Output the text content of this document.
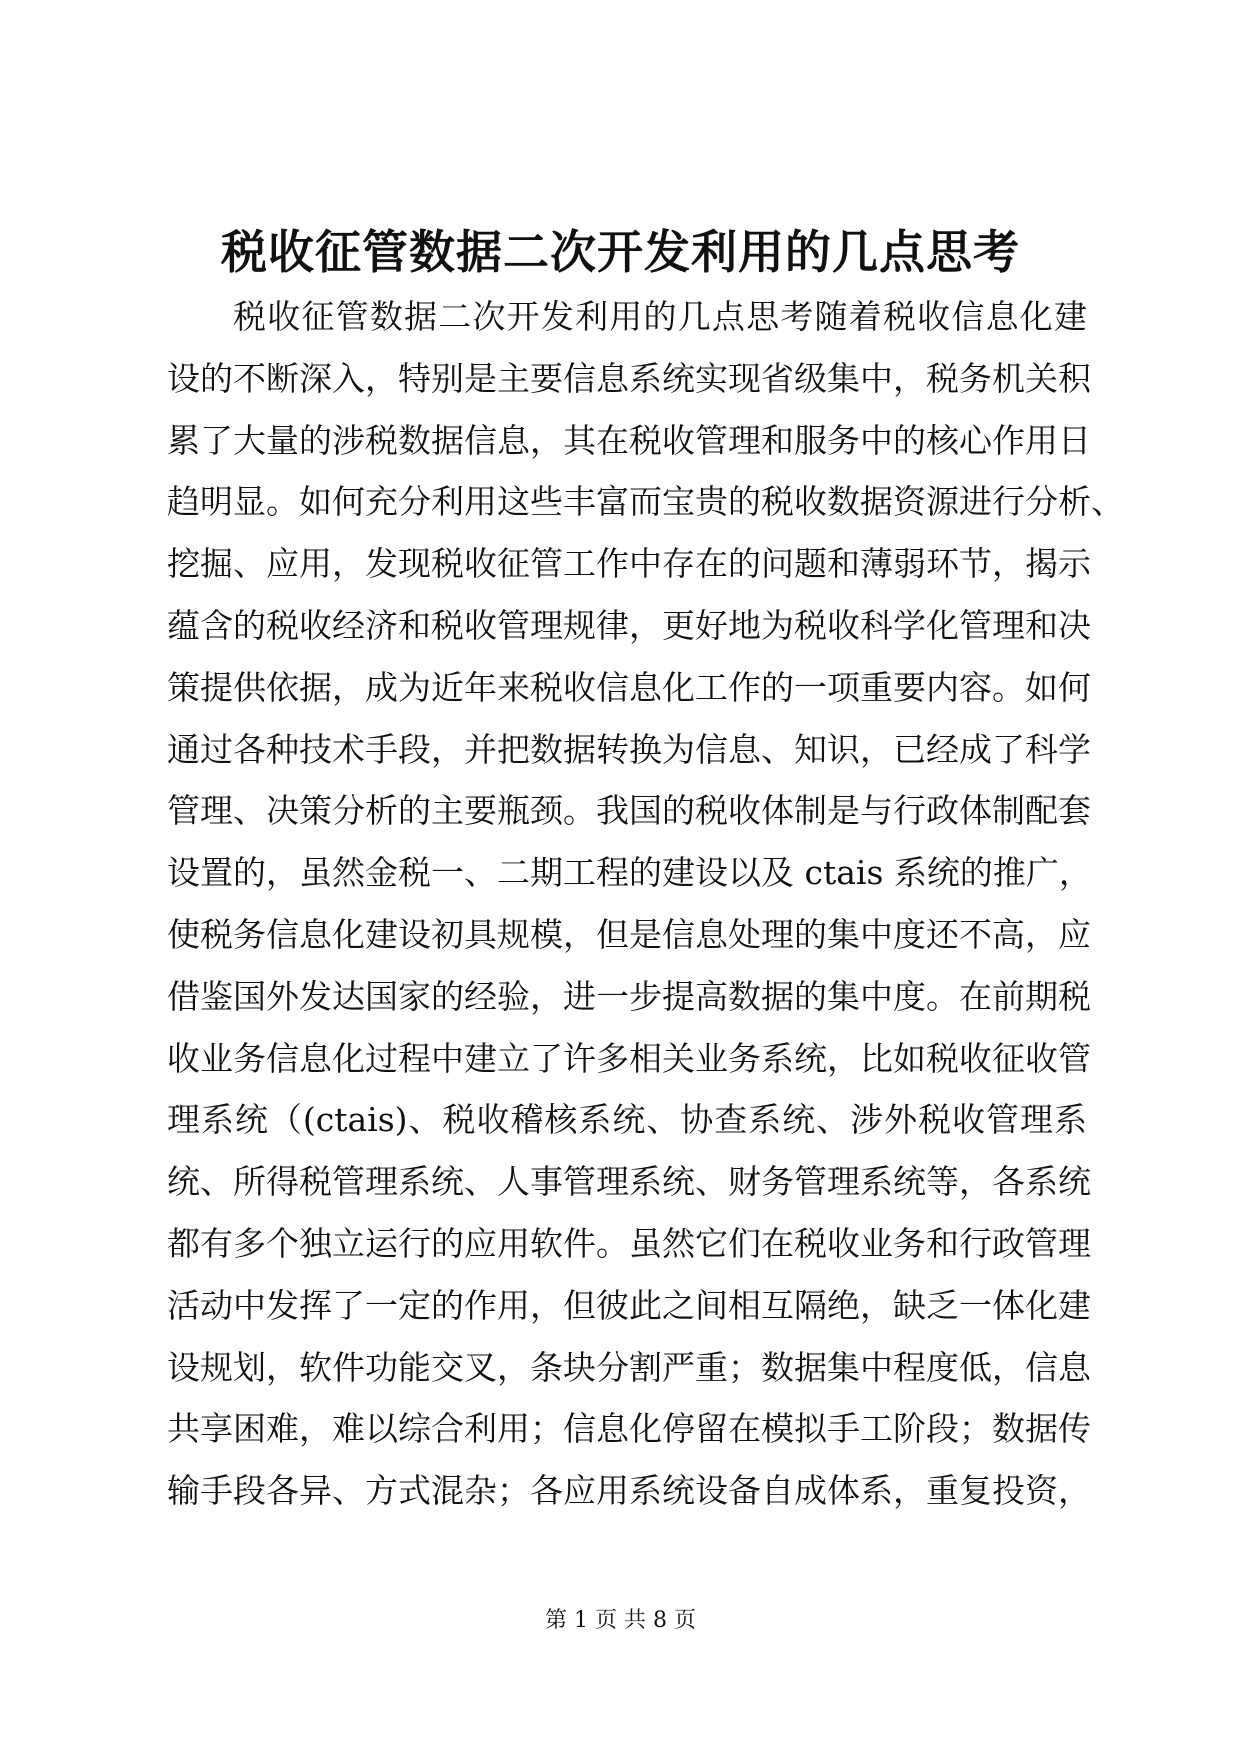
税收征管数据二次开发利用的几点思考
税收征管数据二次开发利用的几点思考随着税收信息化建
设的不断深入，特别是主要信息系统实现省级集中，税务机关积
累了大量的涉税数据信息，其在税收管理和服务中的核心作用日
趋明显。如何充分利用这些丰富而宝贵的税收数据资源进行分析、
挖掘、应用，发现税收征管工作中存在的问题和薄弱环节，揭示
蕴含的税收经济和税收管理规律，更好地为税收科学化管理和决
策提供依据，成为近年来税收信息化工作的一项重要内容。如何
通过各种技术手段，并把数据转换为信息、知识，已经成了科学
管理、决策分析的主要瓶颈。我国的税收体制是与行政体制配套
设置的，虽然金税一、二期工程的建设以及 ctais 系统的推广，
使税务信息化建设初具规模，但是信息处理的集中度还不高，应
借鉴国外发达国家的经验，进一步提高数据的集中度。在前期税
收业务信息化过程中建立了许多相关业务系统，比如税收征收管
理系统（(ctais)、税收稽核系统、协查系统、涉外税收管理系
统、所得税管理系统、人事管理系统、财务管理系统等，各系统
都有多个独立运行的应用软件。虽然它们在税收业务和行政管理
活动中发挥了一定的作用，但彼此之间相互隔绝，缺乏一体化建
设规划，软件功能交叉，条块分割严重；数据集中程度低，信息
共享困难，难以综合利用；信息化停留在模拟手工阶段；数据传
输手段各异、方式混杂；各应用系统设备自成体系，重复投资，
第 1 页 共 8 页
